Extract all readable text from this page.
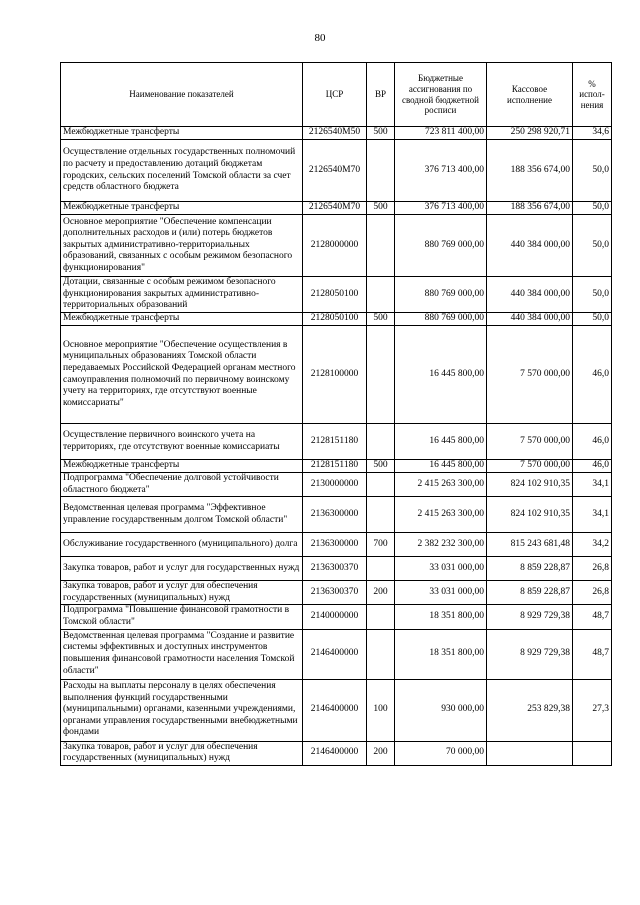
80
Наименование показателей	ЦСР	ВР	Бюджетные ассигнования по сводной бюджетной росписи	Кассовое исполнение	% испол-нения
Межбюджетные трансферты	2126540M50	500	723 811 400,00	250 298 920,71	34,6
Осуществление отдельных государственных полномочий по расчету и предоставлению дотаций бюджетам городских, сельских поселений Томской области за счет средств областного бюджета	2126540M70		376 713 400,00	188 356 674,00	50,0
Межбюджетные трансферты	2126540M70	500	376 713 400,00	188 356 674,00	50,0
Основное мероприятие "Обеспечение компенсации дополнительных расходов и (или) потерь бюджетов закрытых административно-территориальных образований, связанных с особым режимом безопасного функционирования"	2128000000		880 769 000,00	440 384 000,00	50,0
Дотации, связанные с особым режимом безопасного функционирования закрытых административно-территориальных образований	2128050100		880 769 000,00	440 384 000,00	50,0
Межбюджетные трансферты	2128050100	500	880 769 000,00	440 384 000,00	50,0
Основное мероприятие "Обеспечение осуществления в муниципальных образованиях Томской области передаваемых Российской Федерацией органам местного самоуправления полномочий по первичному воинскому учету на территориях, где отсутствуют военные комиссариаты"	2128100000		16 445 800,00	7 570 000,00	46,0
Осуществление первичного воинского учета на территориях, где отсутствуют военные комиссариаты	2128151180		16 445 800,00	7 570 000,00	46,0
Межбюджетные трансферты	2128151180	500	16 445 800,00	7 570 000,00	46,0
Подпрограмма "Обеспечение долговой устойчивости областного бюджета"	2130000000		2 415 263 300,00	824 102 910,35	34,1
Ведомственная целевая программа "Эффективное управление государственным долгом Томской области"	2136300000		2 415 263 300,00	824 102 910,35	34,1
Обслуживание государственного (муниципального) долга	2136300000	700	2 382 232 300,00	815 243 681,48	34,2
Закупка товаров, работ и услуг для государственных нужд	2136300370		33 031 000,00	8 859 228,87	26,8
Закупка товаров, работ и услуг для обеспечения государственных (муниципальных) нужд	2136300370	200	33 031 000,00	8 859 228,87	26,8
Подпрограмма "Повышение финансовой грамотности в Томской области"	2140000000		18 351 800,00	8 929 729,38	48,7
Ведомственная целевая программа "Создание и развитие системы эффективных и доступных инструментов повышения финансовой грамотности населения Томской области"	2146400000		18 351 800,00	8 929 729,38	48,7
Расходы на выплаты персоналу в целях обеспечения выполнения функций государственными (муниципальными) органами, казенными учреждениями, органами управления государственными внебюджетными фондами	2146400000	100	930 000,00	253 829,38	27,3
Закупка товаров, работ и услуг для обеспечения государственных (муниципальных) нужд	2146400000	200	70 000,00		
